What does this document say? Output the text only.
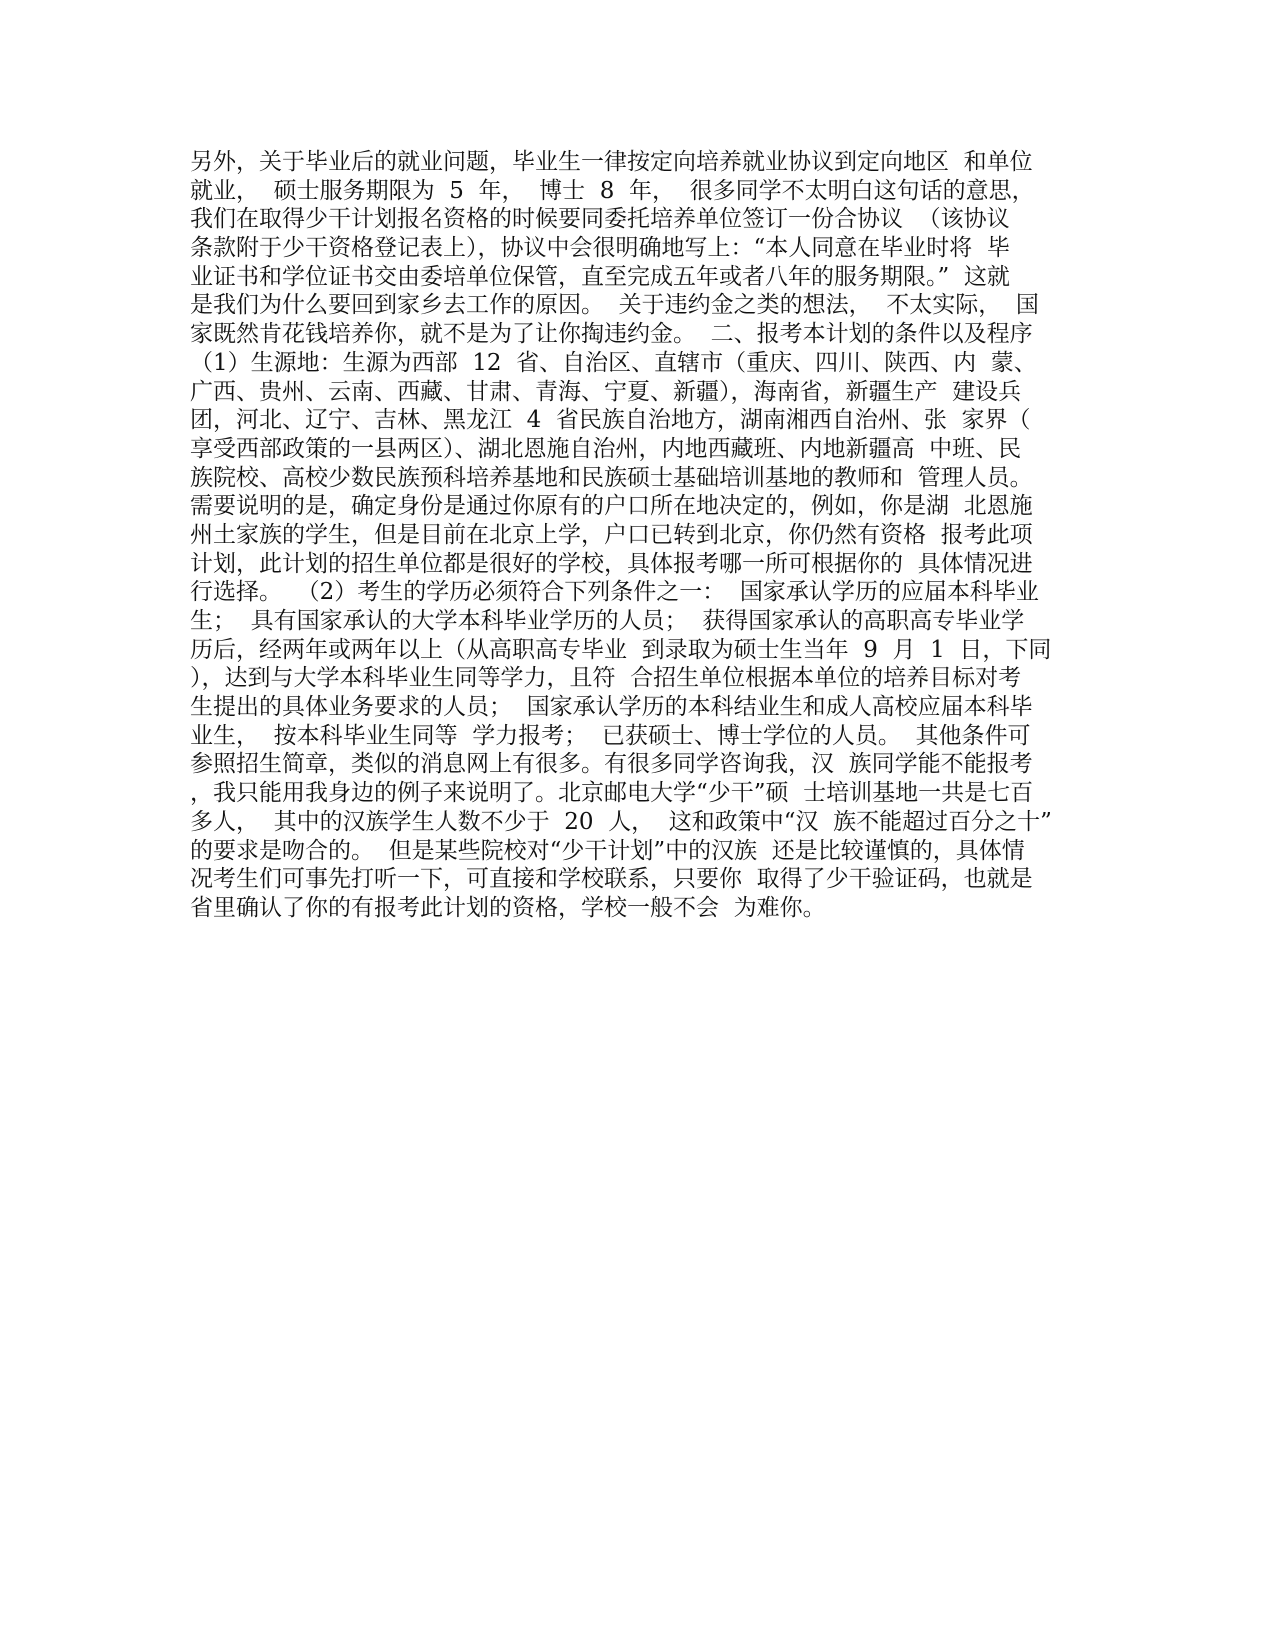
另外，关于毕业后的就业问题，毕业生一律按定向培养就业协议到定向地区  和单位
就业，  硕士服务期限为  5  年，  博士  8  年，  很多同学不太明白这句话的意思，
我们在取得少干计划报名资格的时候要同委托培养单位签订一份合协议  （该协议
条款附于少干资格登记表上），协议中会很明确地写上：“本人同意在毕业时将  毕
业证书和学位证书交由委培单位保管，直至完成五年或者八年的服务期限。”  这就
是我们为什么要回到家乡去工作的原因。  关于违约金之类的想法，  不太实际，  国
家既然肯花钱培养你，就不是为了让你掏违约金。  二、报考本计划的条件以及程序
（1）生源地：生源为西部  12  省、自治区、直辖市（重庆、四川、陕西、内  蒙、
广西、贵州、云南、西藏、甘肃、青海、宁夏、新疆），海南省，新疆生产  建设兵
团，河北、辽宁、吉林、黑龙江  4  省民族自治地方，湖南湘西自治州、张  家界（
享受西部政策的一县两区）、湖北恩施自治州，内地西藏班、内地新疆高  中班、民
族院校、高校少数民族预科培养基地和民族硕士基础培训基地的教师和  管理人员。
需要说明的是，确定身份是通过你原有的户口所在地决定的，例如，你是湖  北恩施
州土家族的学生，但是目前在北京上学，户口已转到北京，你仍然有资格  报考此项
计划，此计划的招生单位都是很好的学校，具体报考哪一所可根据你的  具体情况进
行选择。  （2）考生的学历必须符合下列条件之一：  国家承认学历的应届本科毕业
生；  具有国家承认的大学本科毕业学历的人员；  获得国家承认的高职高专毕业学
历后，经两年或两年以上（从高职高专毕业  到录取为硕士生当年  9  月  1  日，下同
），达到与大学本科毕业生同等学力，且符  合招生单位根据本单位的培养目标对考
生提出的具体业务要求的人员；  国家承认学历的本科结业生和成人高校应届本科毕
业生，  按本科毕业生同等  学力报考；  已获硕士、博士学位的人员。  其他条件可
参照招生简章，类似的消息网上有很多。有很多同学咨询我，汉  族同学能不能报考
，我只能用我身边的例子来说明了。北京邮电大学“少干”硕  士培训基地一共是七百
多人，  其中的汉族学生人数不少于  20  人，  这和政策中“汉  族不能超过百分之十”
的要求是吻合的。  但是某些院校对“少干计划”中的汉族  还是比较谨慎的，具体情
况考生们可事先打听一下，可直接和学校联系，只要你  取得了少干验证码，也就是
省里确认了你的有报考此计划的资格，学校一般不会  为难你。
